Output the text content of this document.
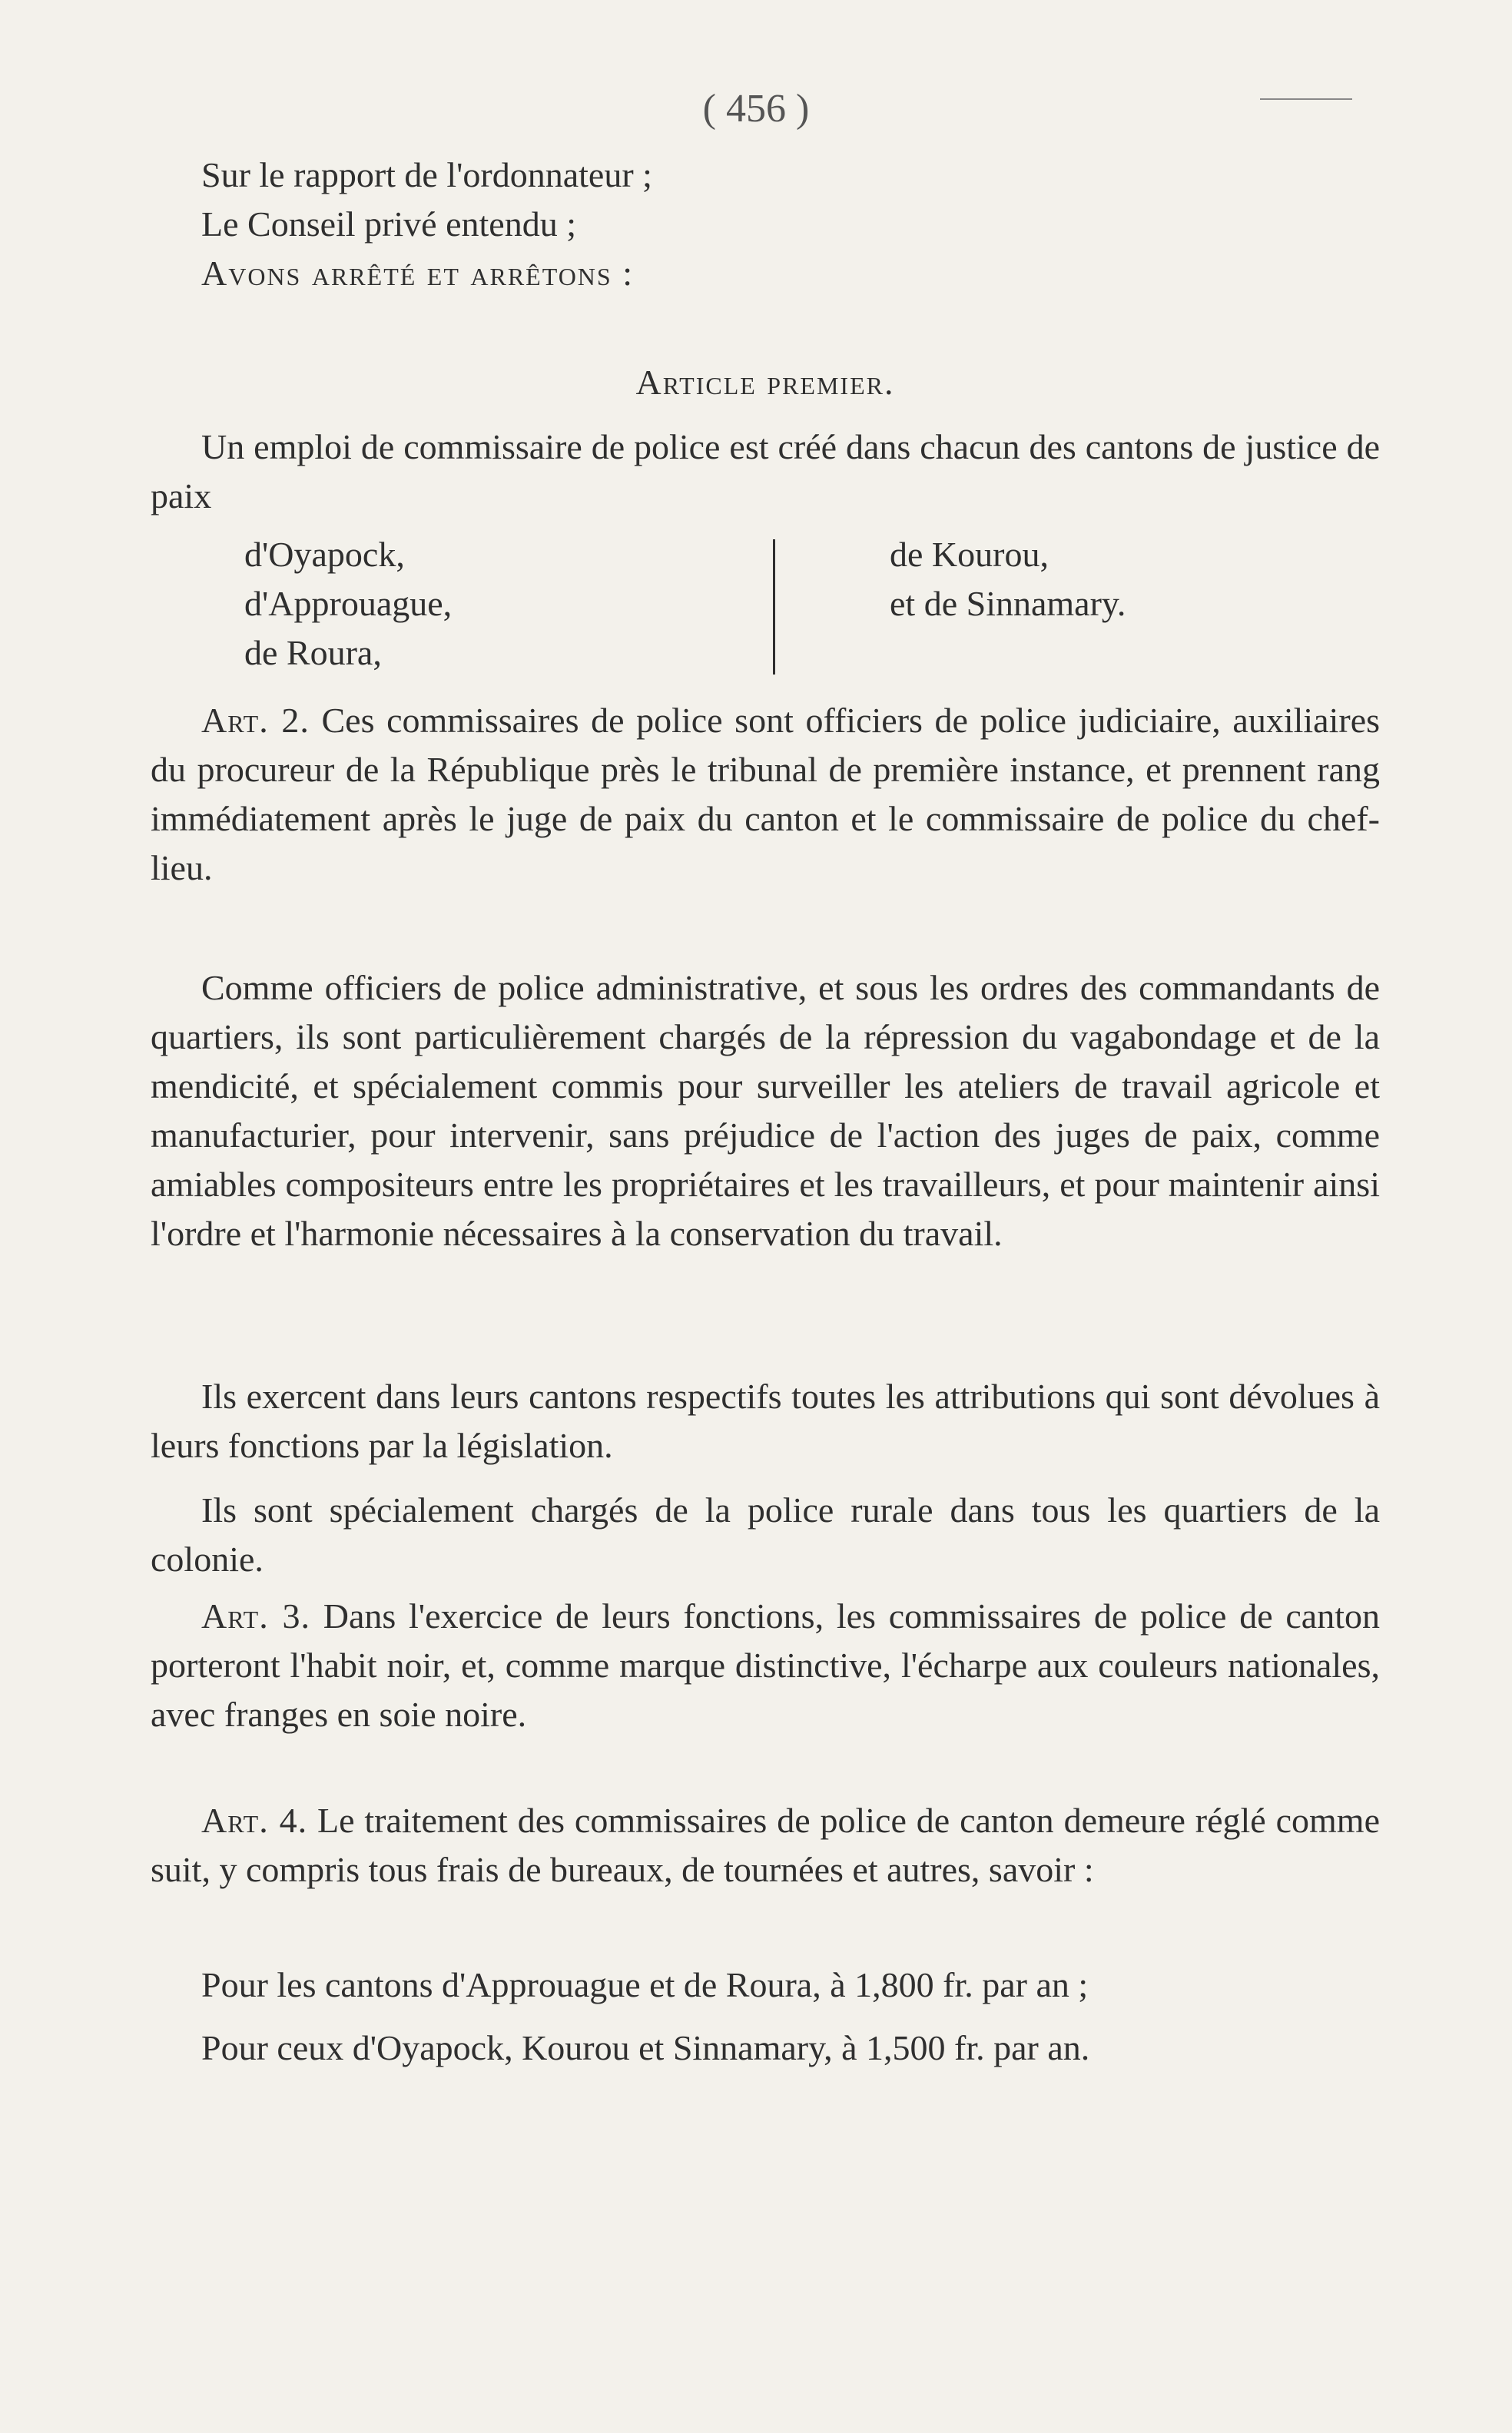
( 456 )
Sur le rapport de l'ordonnateur ;
Le Conseil privé entendu ;
Avons arrêté et arrêtons :
Article premier.
Un emploi de commissaire de police est créé dans chacun des cantons de justice de paix
d'Oyapock,
d'Approuague,
de Roura,
de Kourou,
et de Sinnamary.
Art. 2. Ces commissaires de police sont officiers de police judiciaire, auxiliaires du procureur de la République près le tribunal de première instance, et prennent rang immédiatement après le juge de paix du canton et le commissaire de police du chef-lieu.
Comme officiers de police administrative, et sous les ordres des commandants de quartiers, ils sont particulièrement chargés de la répression du vagabondage et de la mendicité, et spécialement commis pour surveiller les ateliers de travail agricole et manufacturier, pour intervenir, sans préjudice de l'action des juges de paix, comme amiables compositeurs entre les propriétaires et les travailleurs, et pour maintenir ainsi l'ordre et l'harmonie nécessaires à la conservation du travail.
Ils exercent dans leurs cantons respectifs toutes les attributions qui sont dévolues à leurs fonctions par la législation.
Ils sont spécialement chargés de la police rurale dans tous les quartiers de la colonie.
Art. 3. Dans l'exercice de leurs fonctions, les commissaires de police de canton porteront l'habit noir, et, comme marque distinctive, l'écharpe aux couleurs nationales, avec franges en soie noire.
Art. 4. Le traitement des commissaires de police de canton demeure réglé comme suit, y compris tous frais de bureaux, de tournées et autres, savoir :
Pour les cantons d'Approuague et de Roura, à 1,800 fr. par an ;
Pour ceux d'Oyapock, Kourou et Sinnamary, à 1,500 fr. par an.
